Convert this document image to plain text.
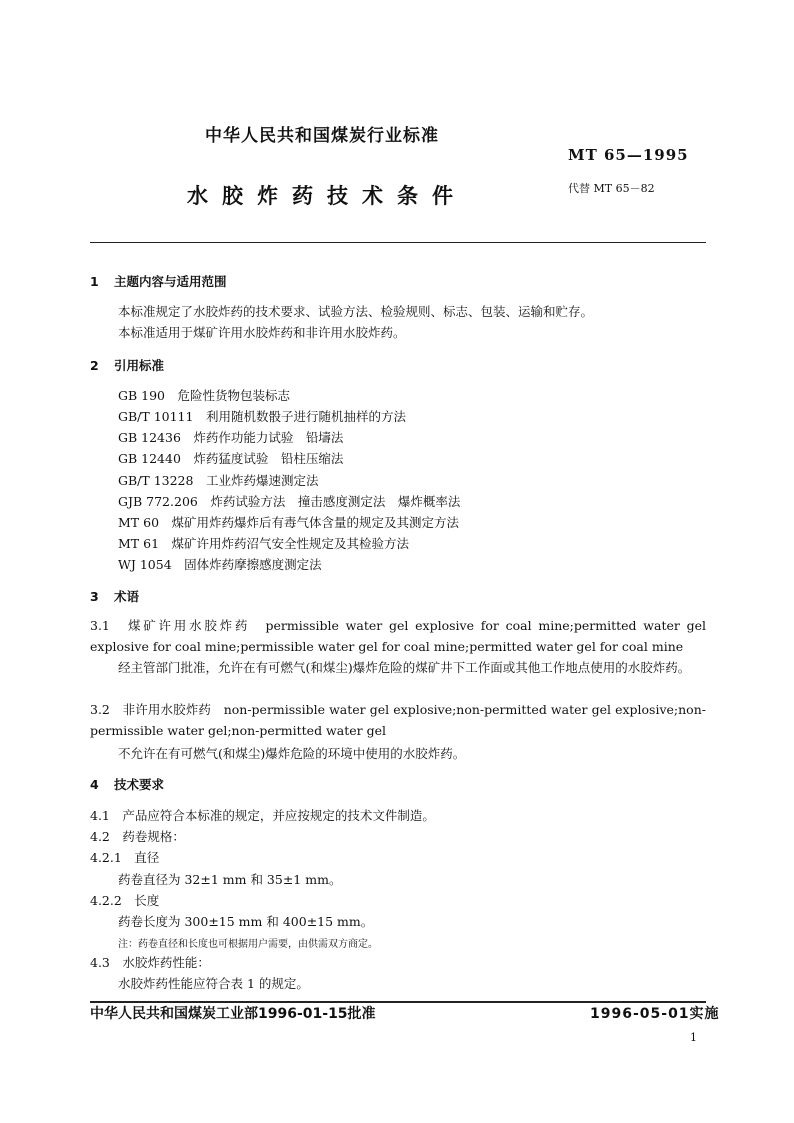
中华人民共和国煤炭行业标准
MT 65—1995
水胶炸药技术条件	代替 MT 65－82
1 主题内容与适用范围
本标准规定了水胶炸药的技术要求、试验方法、检验规则、标志、包装、运输和贮存。
本标准适用于煤矿许用水胶炸药和非许用水胶炸药。
2 引用标准
GB 190　危险性货物包装标志
GB/T 10111　利用随机数骰子进行随机抽样的方法
GB 12436　炸药作功能力试验　铅壔法
GB 12440　炸药猛度试验　铅柱压缩法
GB/T 13228　工业炸药爆速测定法
GJB 772.206　炸药试验方法　撞击感度测定法　爆炸概率法
MT 60　煤矿用炸药爆炸后有毒气体含量的规定及其测定方法
MT 61　煤矿许用炸药沼气安全性规定及其检验方法
WJ 1054　固体炸药摩擦感度测定法
3 术语
3.1　煤矿许用水胶炸药　permissible water gel explosive for coal mine;permitted water gel explosive for coal mine;permissible water gel for coal mine;permitted water gel for coal mine
经主管部门批准，允许在有可燃气(和煤尘)爆炸危险的煤矿井下工作面或其他工作地点使用的水胶炸药。
3.2　非许用水胶炸药　non-permissible water gel explosive;non-permitted water gel explosive;non-permissible water gel;non-permitted water gel
不允许在有可燃气(和煤尘)爆炸危险的环境中使用的水胶炸药。
4 技术要求
4.1　产品应符合本标准的规定，并应按规定的技术文件制造。
4.2　药卷规格：
4.2.1　直径
药卷直径为 32±1 mm 和 35±1 mm。
4.2.2　长度
药卷长度为 300±15 mm 和 400±15 mm。
注：药卷直径和长度也可根据用户需要，由供需双方商定。
4.3　水胶炸药性能：
水胶炸药性能应符合表 1 的规定。
中华人民共和国煤炭工业部1996-01-15批准	1996-05-01实施
1
